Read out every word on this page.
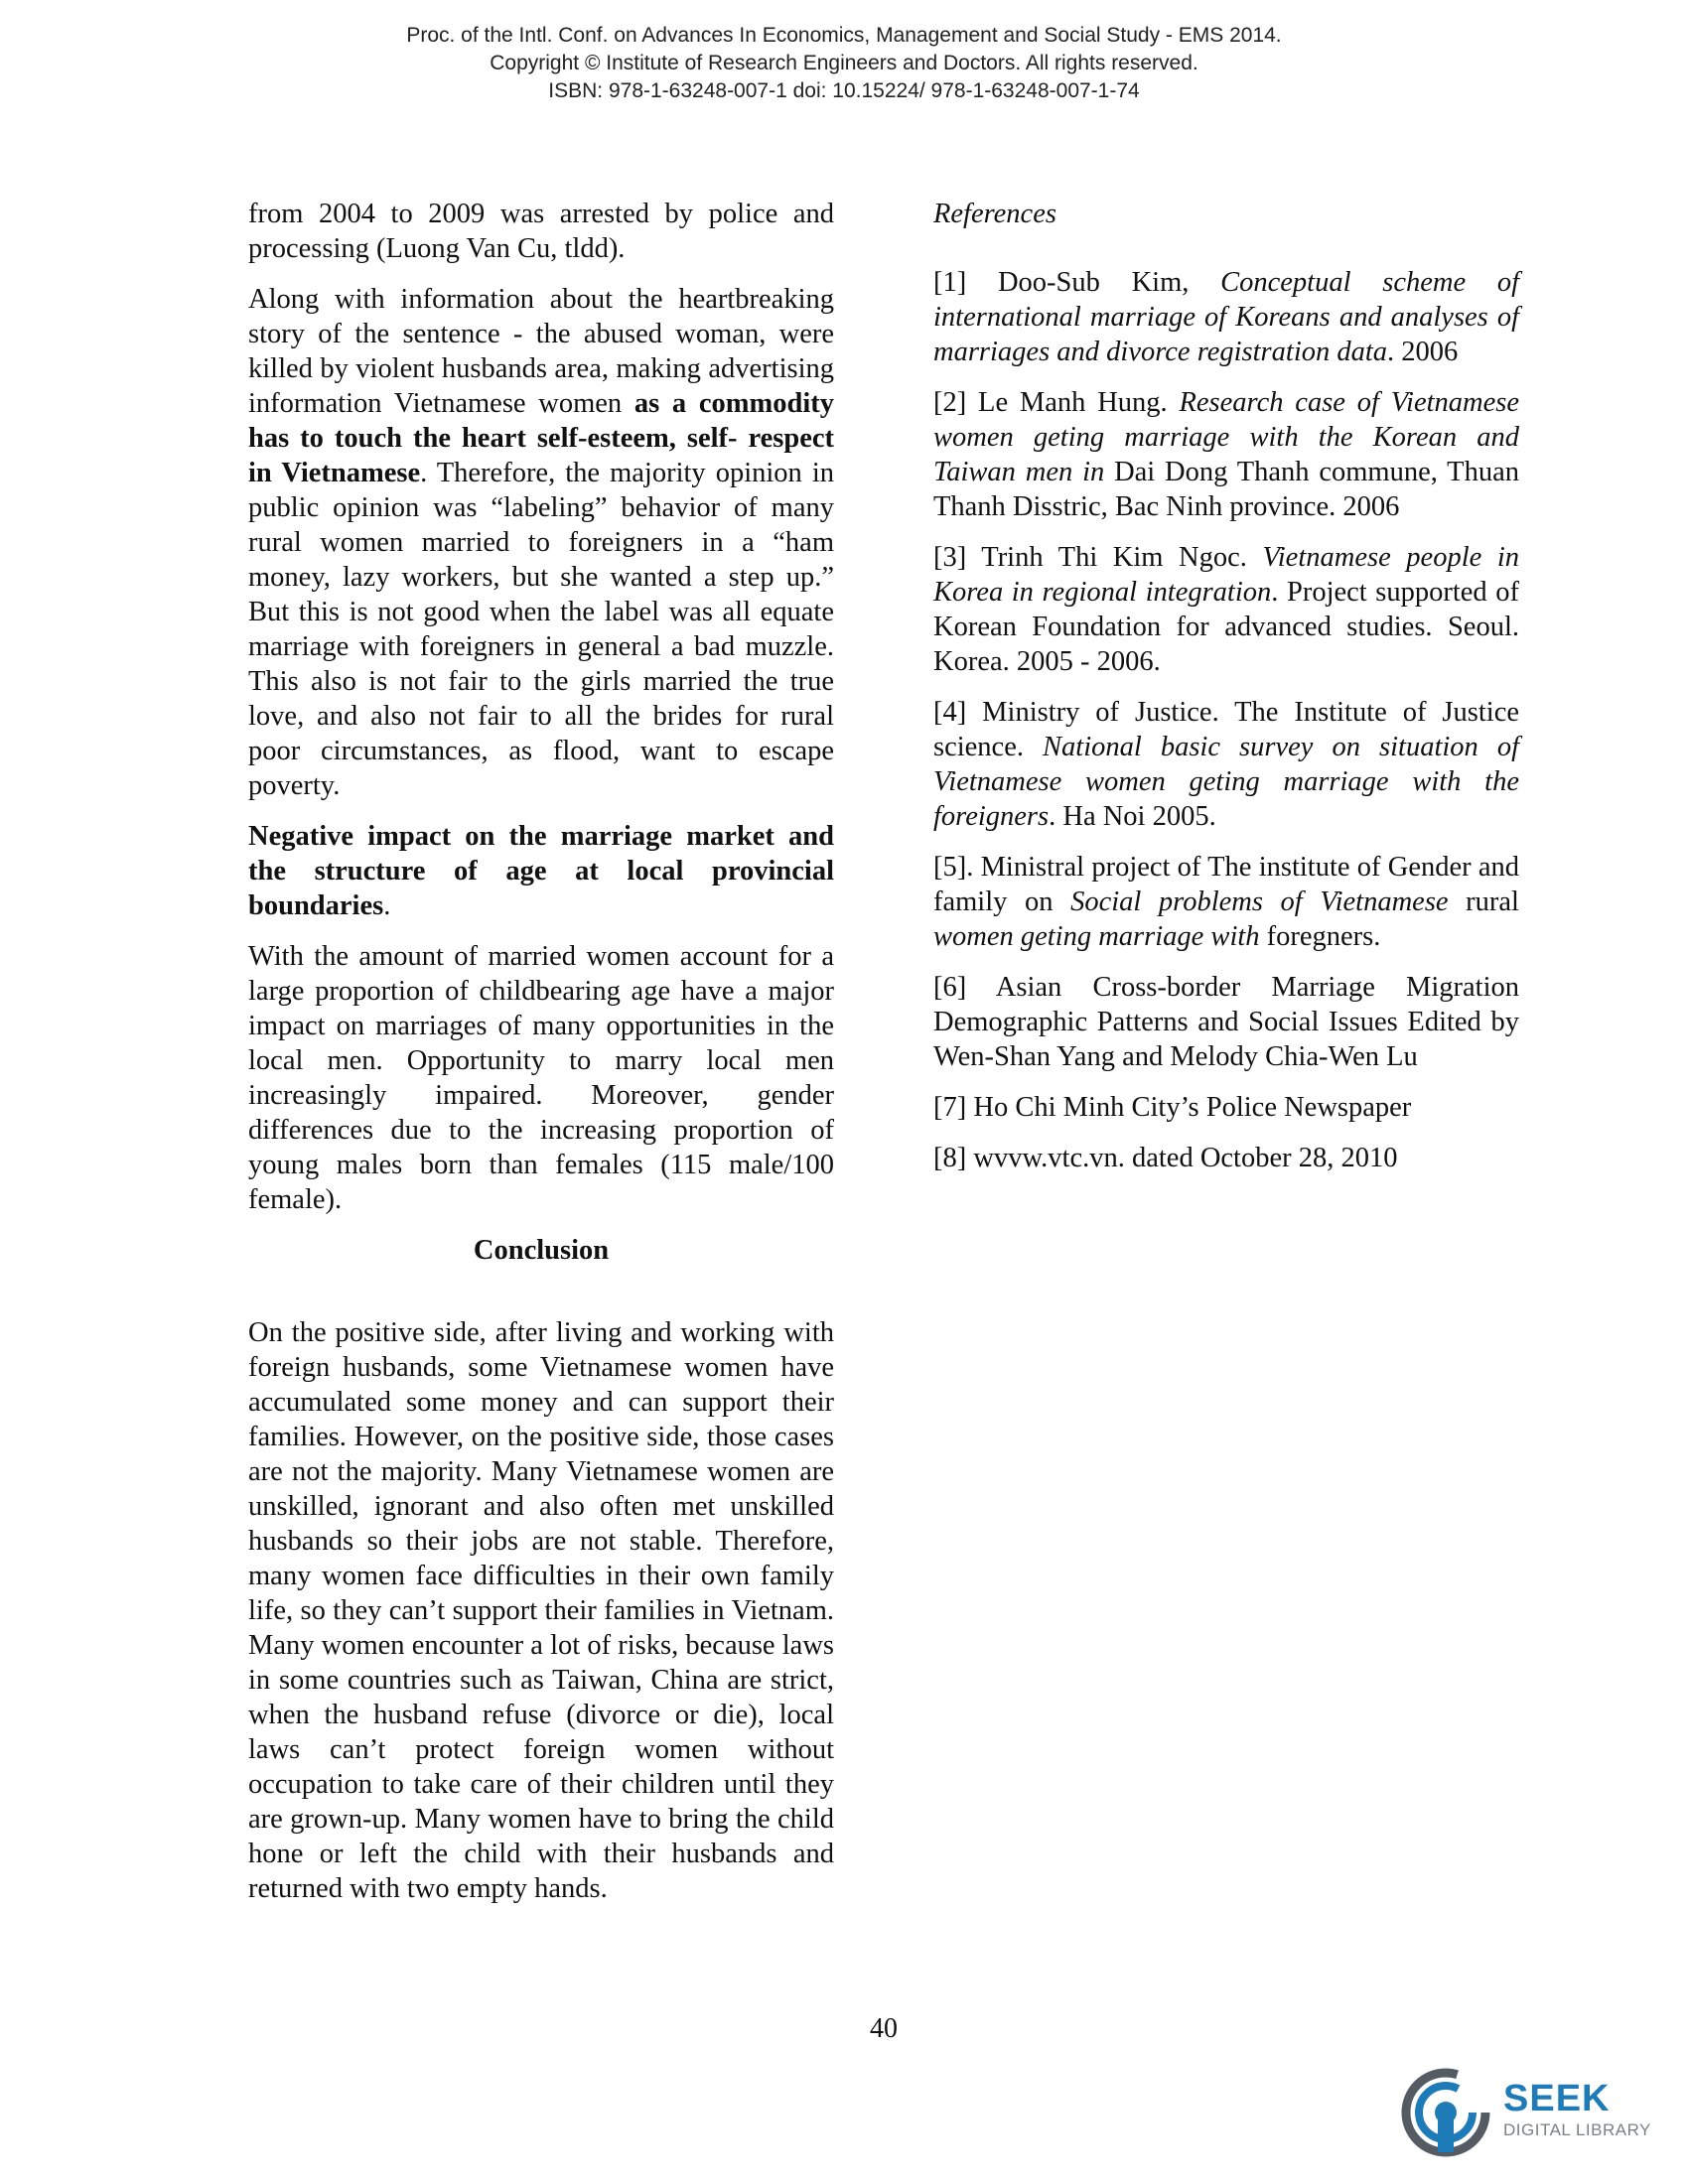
Proc. of the Intl. Conf. on Advances In Economics, Management and Social Study - EMS 2014.
Copyright © Institute of Research Engineers and Doctors. All rights reserved.
ISBN: 978-1-63248-007-1 doi: 10.15224/ 978-1-63248-007-1-74

from 2004 to 2009 was arrested by police and processing (Luong Van Cu, tldd).

Along with information about the heartbreaking story of the sentence - the abused woman, were killed by violent husbands area, making advertising information Vietnamese women as a commodity has to touch the heart self-esteem, self- respect in Vietnamese. Therefore, the majority opinion in public opinion was “labeling” behavior of many rural women married to foreigners in a “ham money, lazy workers, but she wanted a step up.” But this is not good when the label was all equate marriage with foreigners in general a bad muzzle. This also is not fair to the girls married the true love, and also not fair to all the brides for rural poor circumstances, as flood, want to escape poverty.

Negative impact on the marriage market and the structure of age at local provincial boundaries.

With the amount of married women account for a large proportion of childbearing age have a major impact on marriages of many opportunities in the local men. Opportunity to marry local men increasingly impaired. Moreover, gender differences due to the increasing proportion of young males born than females (115 male/100 female).

Conclusion

On the positive side, after living and working with foreign husbands, some Vietnamese women have accumulated some money and can support their families. However, on the positive side, those cases are not the majority. Many Vietnamese women are unskilled, ignorant and also often met unskilled husbands so their jobs are not stable. Therefore, many women face difficulties in their own family life, so they can’t support their families in Vietnam. Many women encounter a lot of risks, because laws in some countries such as Taiwan, China are strict, when the husband refuse (divorce or die), local laws can’t protect foreign women without occupation to take care of their children until they are grown-up. Many women have to bring the child hone or left the child with their husbands and returned with two empty hands.

References

[1] Doo-Sub Kim, Conceptual scheme of international marriage of Koreans and analyses of marriages and divorce registration data. 2006

[2] Le Manh Hung. Research case of Vietnamese women geting marriage with the Korean and Taiwan men in Dai Dong Thanh commune, Thuan Thanh Disstric, Bac Ninh province. 2006

[3] Trinh Thi Kim Ngoc. Vietnamese people in Korea in regional integration. Project supported of Korean Foundation for advanced studies. Seoul. Korea. 2005 - 2006.

[4] Ministry of Justice. The Institute of Justice science. National basic survey on situation of Vietnamese women geting marriage with the foreigners. Ha Noi 2005.

[5]. Ministral project of The institute of Gender and family on Social problems of Vietnamese rural women geting marriage with foregners.

[6] Asian Cross-border Marriage Migration Demographic Patterns and Social Issues Edited by Wen-Shan Yang and Melody Chia-Wen Lu

[7] Ho Chi Minh City’s Police Newspaper

[8] wvvw.vtc.vn. dated October 28, 2010

40
SEEK
DIGITAL LIBRARY
